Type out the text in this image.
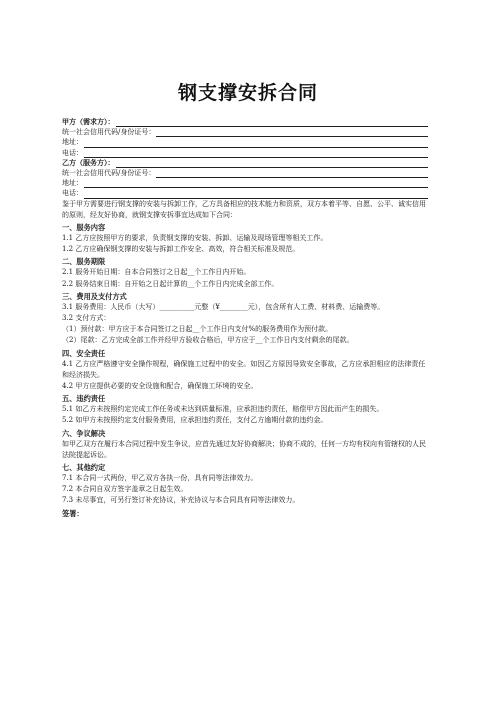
钢支撑安拆合同
甲方（需求方）：
统一社会信用代码/身份证号：
地址：
电话：
乙方（服务方）：
统一社会信用代码/身份证号：
地址：
电话：
鉴于甲方需要进行钢支撑的安装与拆卸工作，乙方具备相应的技术能力和资质，双方本着平等、自愿、公平、诚实信用的原则，经友好协商，就钢支撑安拆事宜达成如下合同：
一、服务内容
1.1 乙方应按照甲方的要求，负责钢支撑的安装、拆卸、运输及现场管理等相关工作。
1.2 乙方应确保钢支撑的安装与拆卸工作安全、高效，符合相关标准及规范。
二、服务期限
2.1 服务开始日期：自本合同签订之日起__个工作日内开始。
2.2 服务结束日期：自开始之日起计算的__个工作日内完成全部工作。
三、费用及支付方式
3.1 服务费用：人民币（大写）__________元整（¥________元），包含所有人工费、材料费、运输费等。
3.2 支付方式：
（1）预付款：甲方应于本合同签订之日起__个工作日内支付%的服务费用作为预付款。
（2）尾款：乙方完成全部工作并经甲方验收合格后，甲方应于__个工作日内支付剩余的尾款。
四、安全责任
4.1 乙方应严格遵守安全操作规程，确保施工过程中的安全。如因乙方原因导致安全事故，乙方应承担相应的法律责任和经济损失。
4.2 甲方应提供必要的安全设施和配合，确保施工环境的安全。
五、违约责任
5.1 如乙方未按照约定完成工作任务或未达到质量标准，应承担违约责任，赔偿甲方因此而产生的损失。
5.2 如甲方未按照约定支付服务费用，应承担违约责任，支付乙方逾期付款的违约金。
六、争议解决
如甲乙双方在履行本合同过程中发生争议，应首先通过友好协商解决；协商不成的，任何一方均有权向有管辖权的人民法院提起诉讼。
七、其他约定
7.1 本合同一式两份，甲乙双方各执一份，具有同等法律效力。
7.2 本合同自双方签字盖章之日起生效。
7.3 未尽事宜，可另行签订补充协议，补充协议与本合同具有同等法律效力。
签署：
